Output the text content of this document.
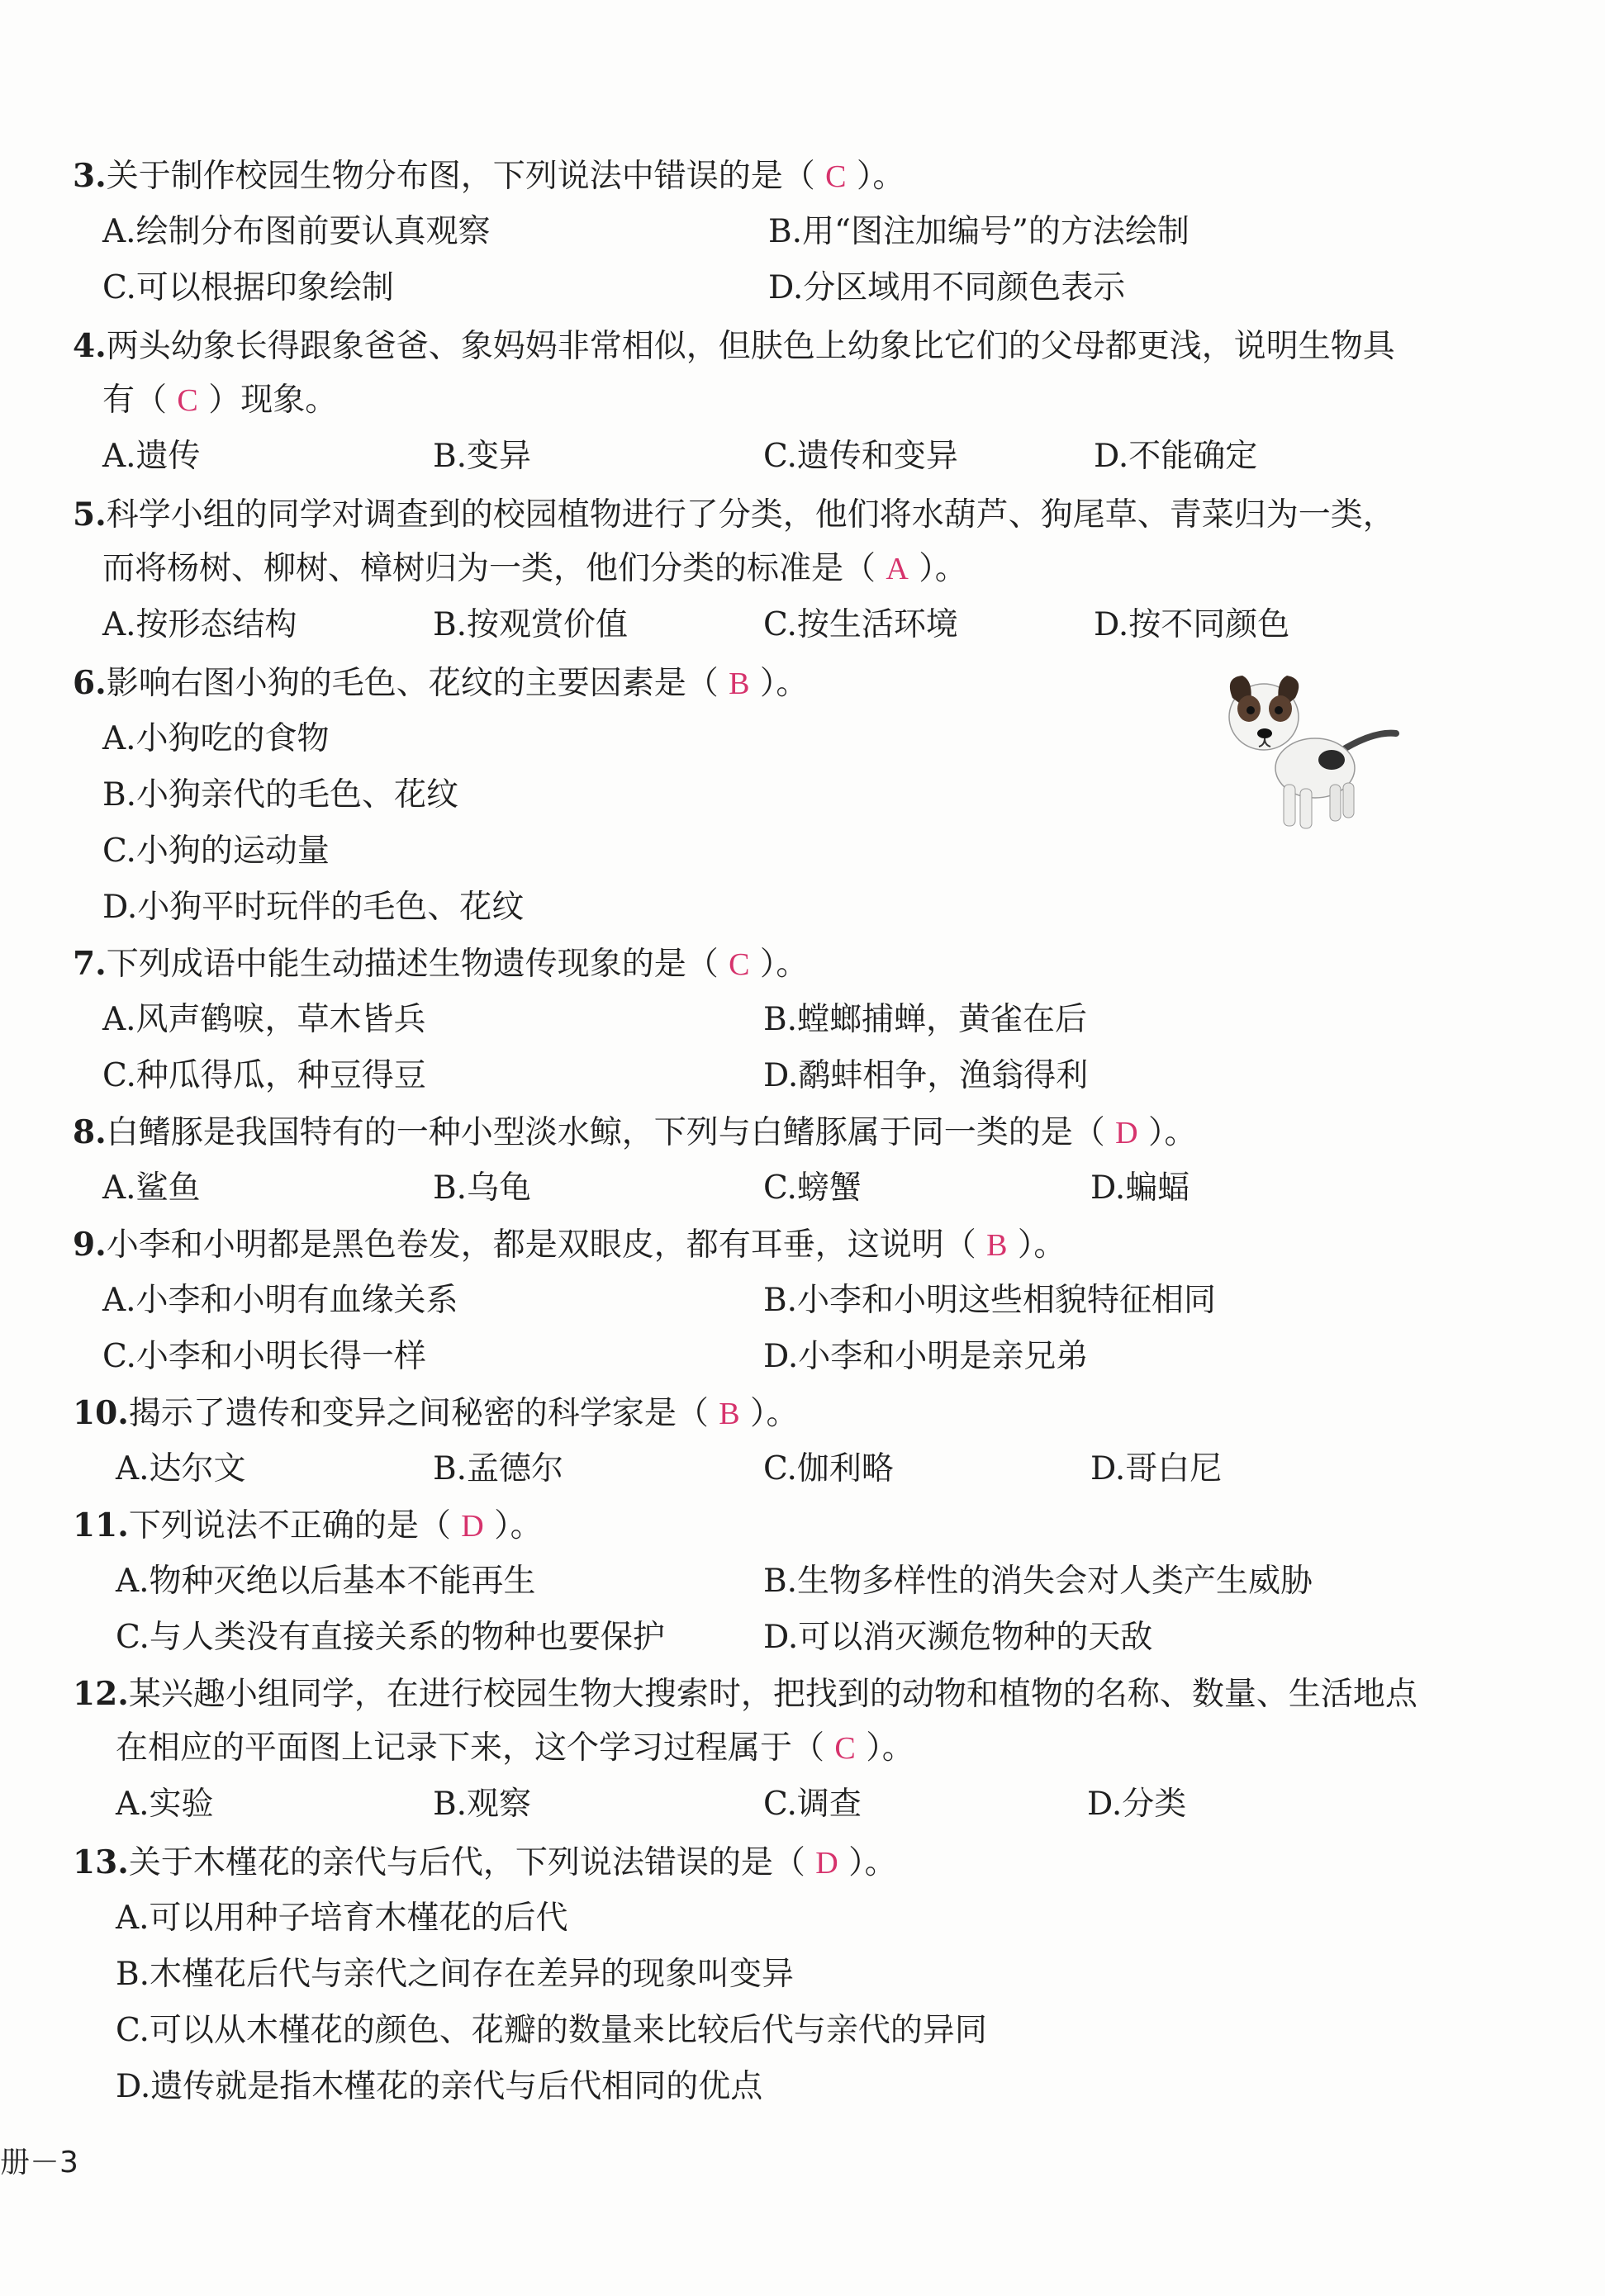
3.关于制作校园生物分布图，下列说法中错误的是（ C ）。
A.绘制分布图前要认真观察	B.用“图注加编号”的方法绘制
C.可以根据印象绘制	D.分区域用不同颜色表示
4.两头幼象长得跟象爸爸、象妈妈非常相似，但肤色上幼象比它们的父母都更浅，说明生物具
有（ C ）现象。
A.遗传	B.变异	C.遗传和变异	D.不能确定
5.科学小组的同学对调查到的校园植物进行了分类，他们将水葫芦、狗尾草、青菜归为一类，
而将杨树、柳树、樟树归为一类，他们分类的标准是（ A ）。
A.按形态结构	B.按观赏价值	C.按生活环境	D.按不同颜色
6.影响右图小狗的毛色、花纹的主要因素是（ B ）。
A.小狗吃的食物
B.小狗亲代的毛色、花纹
C.小狗的运动量
D.小狗平时玩伴的毛色、花纹
7.下列成语中能生动描述生物遗传现象的是（ C ）。
A.风声鹤唳，草木皆兵	B.螳螂捕蝉，黄雀在后
C.种瓜得瓜，种豆得豆	D.鹬蚌相争，渔翁得利
8.白鳍豚是我国特有的一种小型淡水鲸，下列与白鳍豚属于同一类的是（ D ）。
A.鲨鱼	B.乌龟	C.螃蟹	D.蝙蝠
9.小李和小明都是黑色卷发，都是双眼皮，都有耳垂，这说明（ B ）。
A.小李和小明有血缘关系	B.小李和小明这些相貌特征相同
C.小李和小明长得一样	D.小李和小明是亲兄弟
10.揭示了遗传和变异之间秘密的科学家是（ B ）。
A.达尔文	B.孟德尔	C.伽利略	D.哥白尼
11.下列说法不正确的是（ D ）。
A.物种灭绝以后基本不能再生	B.生物多样性的消失会对人类产生威胁
C.与人类没有直接关系的物种也要保护	D.可以消灭濒危物种的天敌
12.某兴趣小组同学，在进行校园生物大搜索时，把找到的动物和植物的名称、数量、生活地点
在相应的平面图上记录下来，这个学习过程属于（ C ）。
A.实验	B.观察	C.调查	D.分类
13.关于木槿花的亲代与后代，下列说法错误的是（ D ）。
A.可以用种子培育木槿花的后代
B.木槿花后代与亲代之间存在差异的现象叫变异
C.可以从木槿花的颜色、花瓣的数量来比较后代与亲代的异同
D.遗传就是指木槿花的亲代与后代相同的优点
册－3
